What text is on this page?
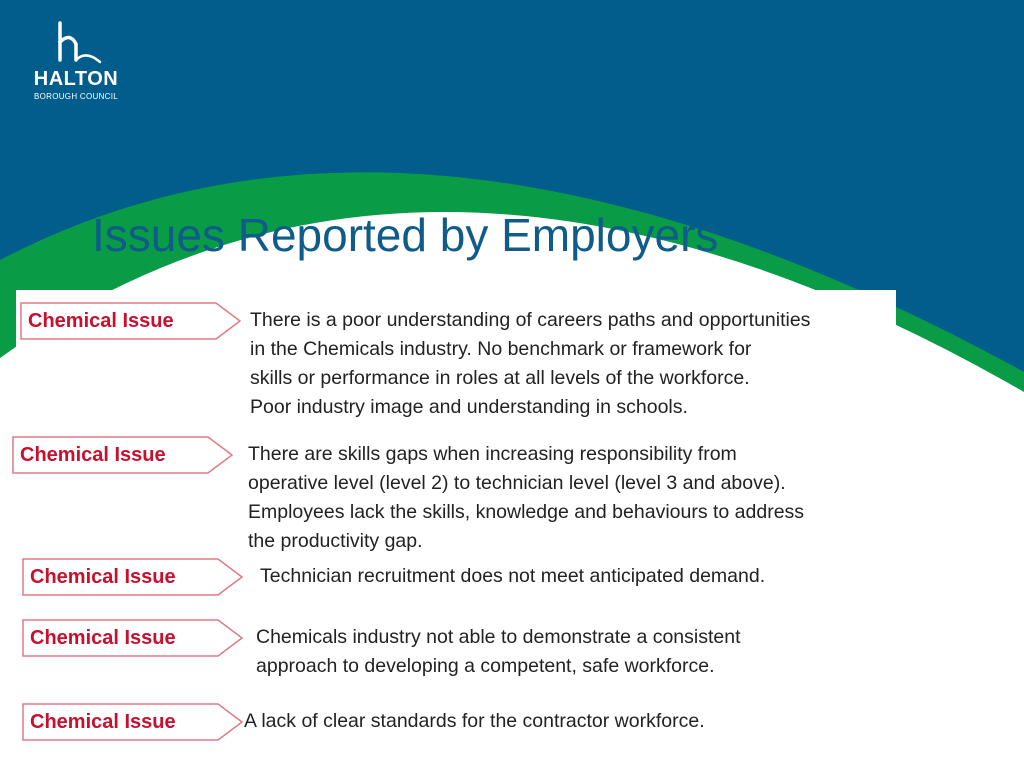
HALTON
BOROUGH COUNCIL
Issues Reported by Employers
Chemical Issue	There is a poor understanding of careers paths and opportunities
in the Chemicals industry. No benchmark or framework for
skills or performance in roles at all levels of the workforce.
Poor industry image and understanding in schools.
Chemical Issue	There are skills gaps when increasing responsibility from
operative level (level 2) to technician level (level 3 and above).
Employees lack the skills, knowledge and behaviours to address
the productivity gap.
Chemical Issue	Technician recruitment does not meet anticipated demand.
Chemical Issue	Chemicals industry not able to demonstrate a consistent
approach to developing a competent, safe workforce.
Chemical Issue	A lack of clear standards for the contractor workforce.
